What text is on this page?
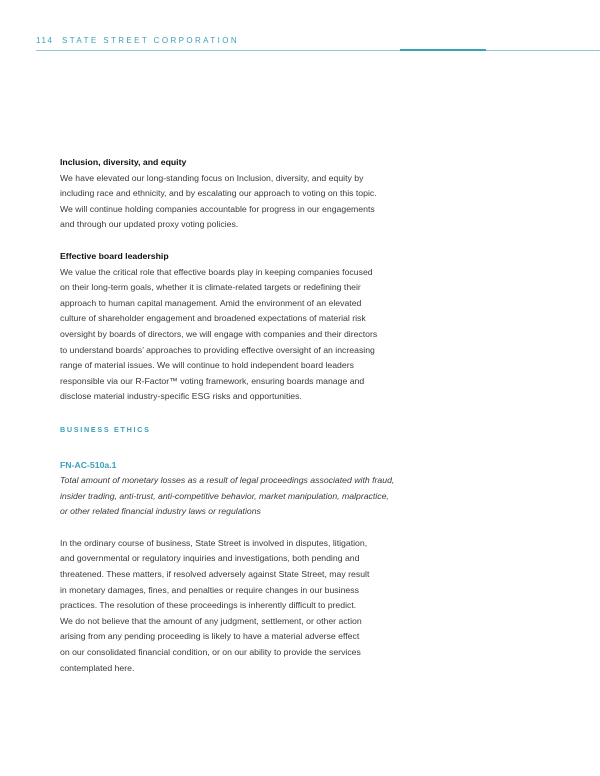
114 STATE STREET CORPORATION

Inclusion, diversity, and equity

We have elevated our long-standing focus on Inclusion, diversity, and equity by
including race and ethnicity, and by escalating our approach to voting on this topic.
We will continue holding companies accountable for progress in our engagements
and through our updated proxy voting policies.

Effective board leadership

We value the critical role that effective boards play in keeping companies focused
on their long-term goals, whether it is climate-related targets or redefining their
approach to human capital management. Amid the environment of an elevated
culture of shareholder engagement and broadened expectations of material risk
oversight by boards of directors, we will engage with companies and their directors
to understand boards’ approaches to providing effective oversight of an increasing
range of material issues. We will continue to hold independent board leaders
responsible via our R-Factor™ voting framework, ensuring boards manage and
disclose material industry-specific ESG risks and opportunities.

BUSINESS ETHICS
FN-AC-510a.1

Total amount of monetary losses as a result of legal proceedings associated with fraud,
insider trading, anti-trust, anti-competitive behavior, market manipulation, malpractice,
or other related financial industry laws or regulations

In the ordinary course of business, State Street is involved in disputes, litigation,
and governmental or regulatory inquiries and investigations, both pending and
threatened. These matters, if resolved adversely against State Street, may result
in monetary damages, fines, and penalties or require changes in our business
practices. The resolution of these proceedings is inherently difficult to predict.
We do not believe that the amount of any judgment, settlement, or other action
arising from any pending proceeding is likely to have a material adverse effect
on our consolidated financial condition, or on our ability to provide the services
contemplated here.
